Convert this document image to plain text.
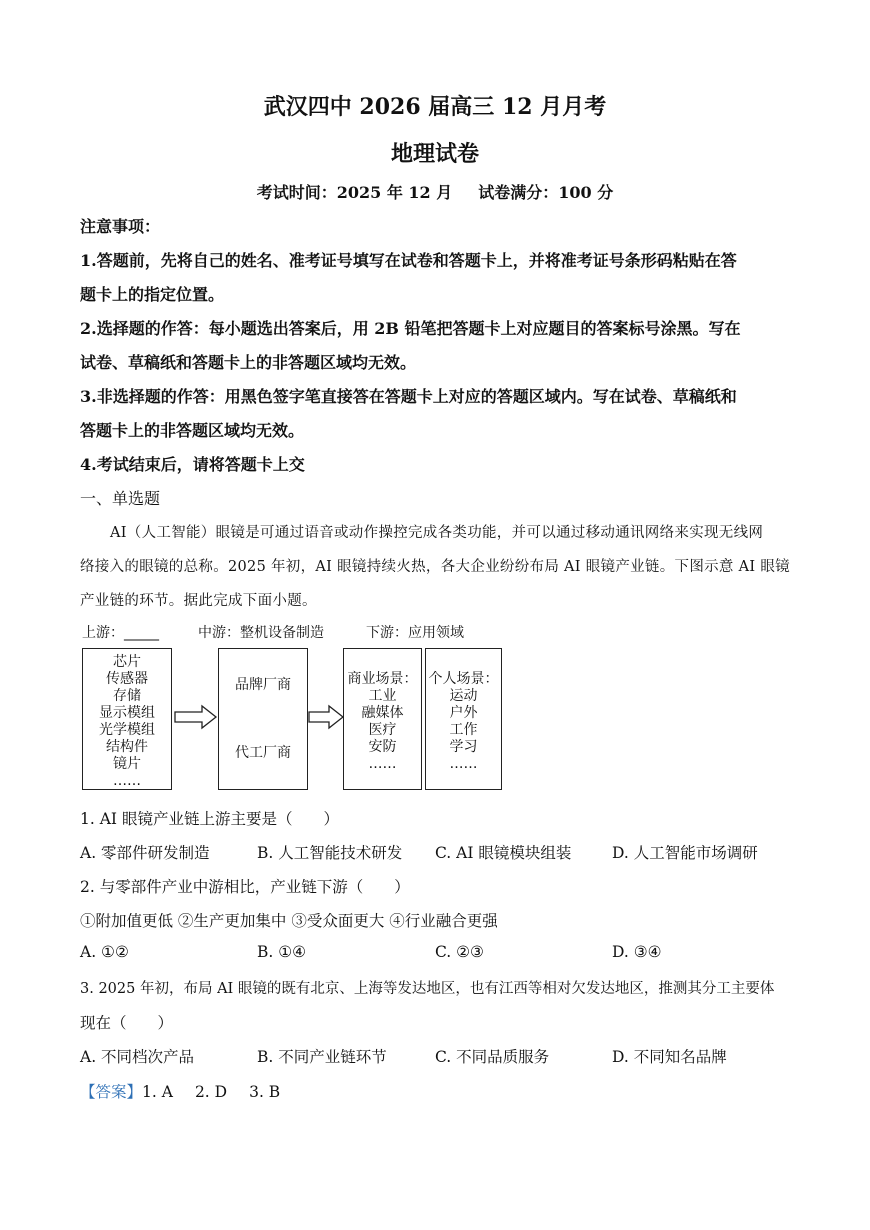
武汉四中 2026 届高三 12 月月考
地理试卷
考试时间：2025 年 12 月 试卷满分：100 分
注意事项：
1.答题前，先将自己的姓名、准考证号填写在试卷和答题卡上，并将准考证号条形码粘贴在答
题卡上的指定位置。
2.选择题的作答：每小题选出答案后，用 2B 铅笔把答题卡上对应题目的答案标号涂黑。写在
试卷、草稿纸和答题卡上的非答题区域均无效。
3.非选择题的作答：用黑色签字笔直接答在答题卡上对应的答题区域内。写在试卷、草稿纸和
答题卡上的非答题区域均无效。
4.考试结束后，请将答题卡上交
一、单选题
AI（人工智能）眼镜是可通过语音或动作操控完成各类功能，并可以通过移动通讯网络来实现无线网
络接入的眼镜的总称。2025 年初，AI 眼镜持续火热，各大企业纷纷布局 AI 眼镜产业链。下图示意 AI 眼镜
产业链的环节。据此完成下面小题。
上游：_____	中游：整机设备制造	下游：应用领域
芯片
传感器
存储
显示模组
光学模组
结构件
镜片
……
品牌厂商
代工厂商
商业场景：
工业
融媒体
医疗
安防
……
个人场景：
运动
户外
工作
学习
……
1. AI 眼镜产业链上游主要是（　　）
A. 零部件研发制造	B. 人工智能技术研发 C. AI 眼镜模块组装	D. 人工智能市场调研
2. 与零部件产业中游相比，产业链下游（　　）
①附加值更低 ②生产更加集中 ③受众面更大 ④行业融合更强
A. ①②	B. ①④	C. ②③	D. ③④
3. 2025 年初，布局 AI 眼镜的既有北京、上海等发达地区，也有江西等相对欠发达地区，推测其分工主要体
现在（　　）
A. 不同档次产品	B. 不同产业链环节	C. 不同品质服务	D. 不同知名品牌
【答案】1. A 2. D 3. B
